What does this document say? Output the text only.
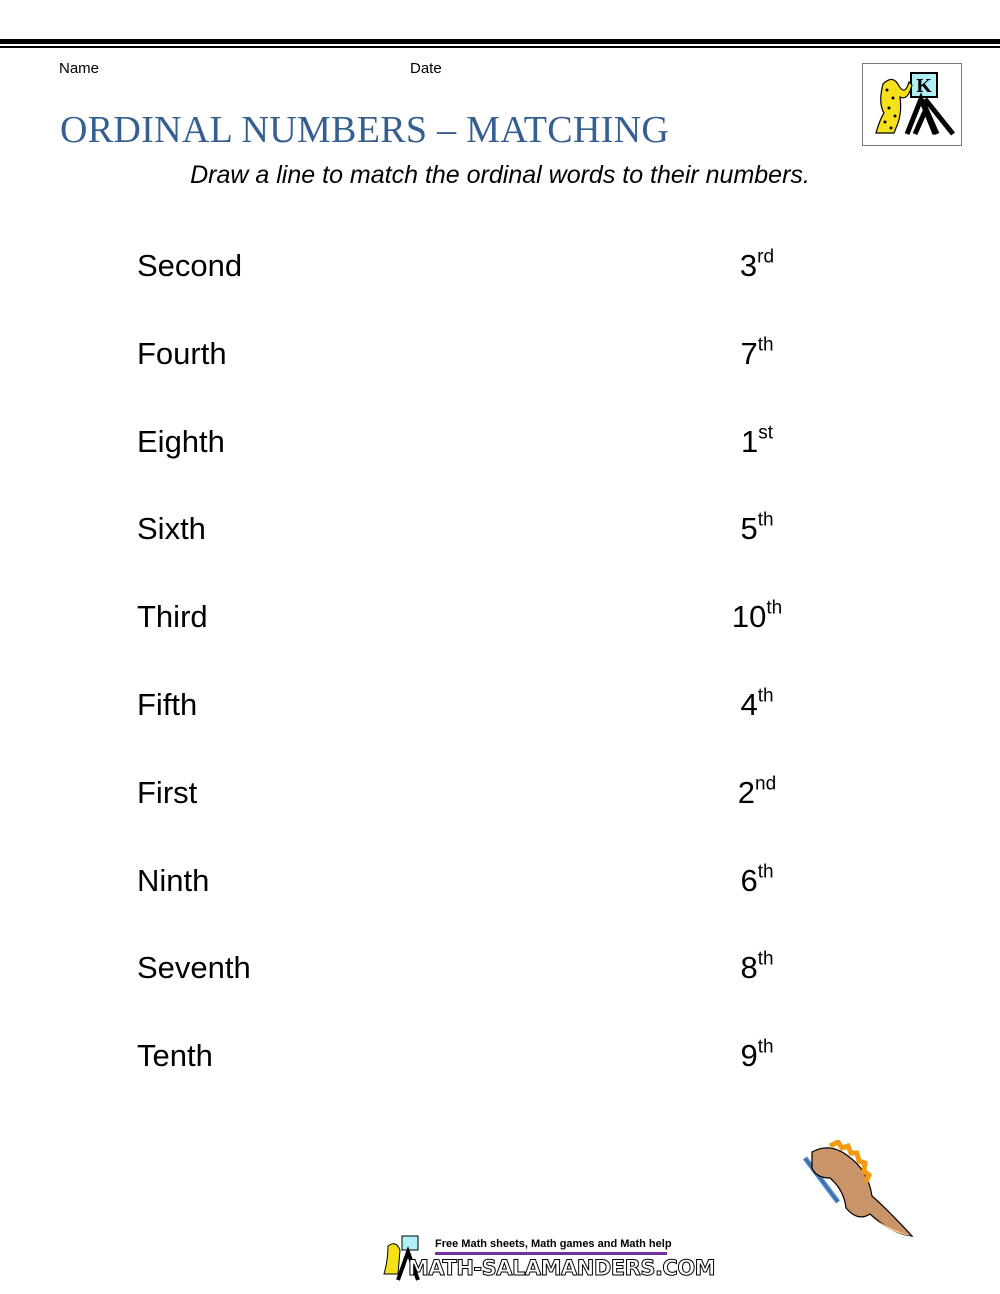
Name	Date
K
ORDINAL NUMBERS – MATCHING
Draw a line to match the ordinal words to their numbers.
Second	3rd
Fourth	7th
Eighth	1st
Sixth	5th
Third	10th
Fifth	4th
First	2nd
Ninth	6th
Seventh	8th
Tenth	9th
Free Math sheets, Math games and Math help
MATH-SALAMANDERS.COM
